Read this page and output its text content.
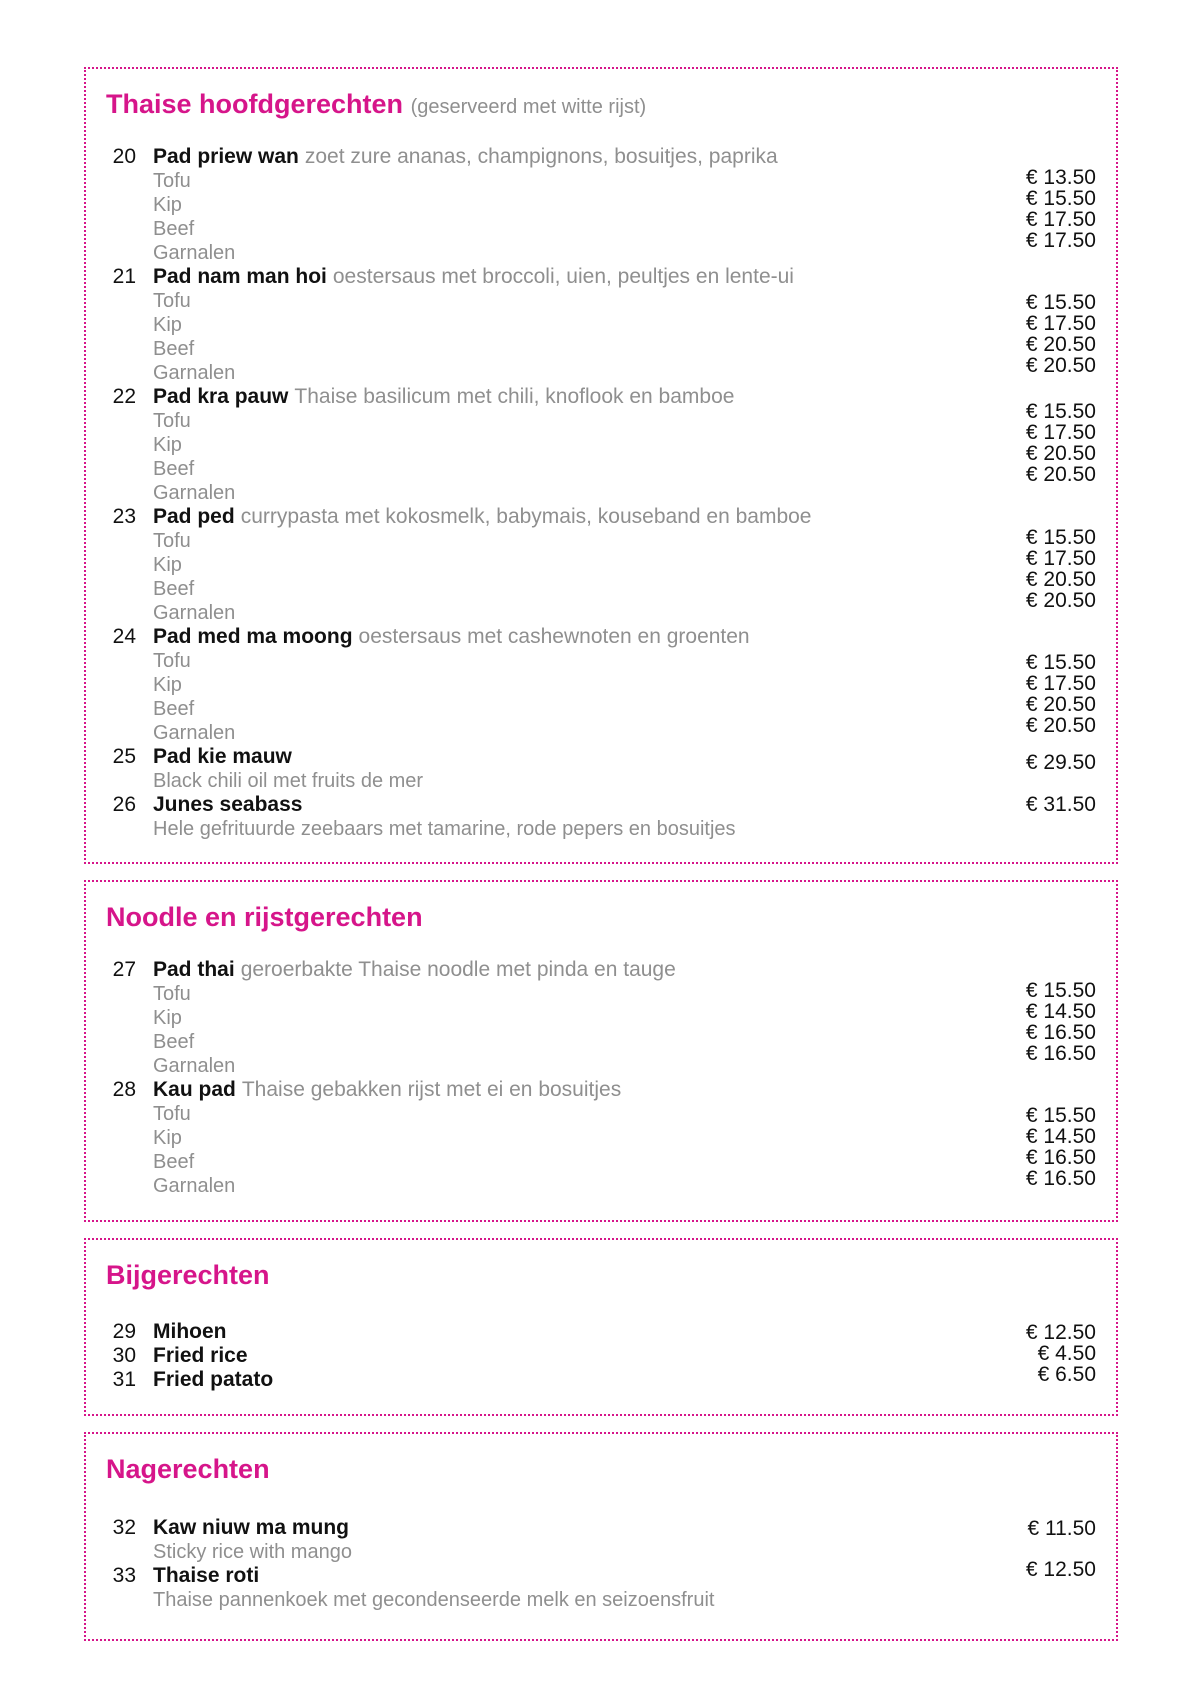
Thaise hoofdgerechten (geserveerd met witte rijst)
20 Pad priew wan zoet zure ananas, champignons, bosuitjes, paprika
Tofu
Kip
Beef
Garnalen
€ 13.50
€ 15.50
€ 17.50
€ 17.50
21 Pad nam man hoi oestersaus met broccoli, uien, peultjes en lente-ui
Tofu
Kip
Beef
Garnalen
€ 15.50
€ 17.50
€ 20.50
€ 20.50
22 Pad kra pauw Thaise basilicum met chili, knoflook en bamboe
Tofu
Kip
Beef
Garnalen
€ 15.50
€ 17.50
€ 20.50
€ 20.50
23 Pad ped currypasta met kokosmelk, babymais, kouseband en bamboe
Tofu
Kip
Beef
Garnalen
€ 15.50
€ 17.50
€ 20.50
€ 20.50
24 Pad med ma moong oestersaus met cashewnoten en groenten
Tofu
Kip
Beef
Garnalen
€ 15.50
€ 17.50
€ 20.50
€ 20.50
25 Pad kie mauw
Black chili oil met fruits de mer
€ 29.50
26 Junes seabass
Hele gefrituurde zeebaars met tamarine, rode pepers en bosuitjes
€ 31.50
Noodle en rijstgerechten
27 Pad thai geroerbakte Thaise noodle met pinda en tauge
Tofu
Kip
Beef
Garnalen
€ 15.50
€ 14.50
€ 16.50
€ 16.50
28 Kau pad Thaise gebakken rijst met ei en bosuitjes
Tofu
Kip
Beef
Garnalen
€ 15.50
€ 14.50
€ 16.50
€ 16.50
Bijgerechten
29 Mihoen
30 Fried rice
31 Fried patato
€ 12.50
€ 4.50
€ 6.50
Nagerechten
32 Kaw niuw ma mung
Sticky rice with mango
€ 11.50
33 Thaise roti
Thaise pannenkoek met gecondenseerde melk en seizoensfruit
€ 12.50
